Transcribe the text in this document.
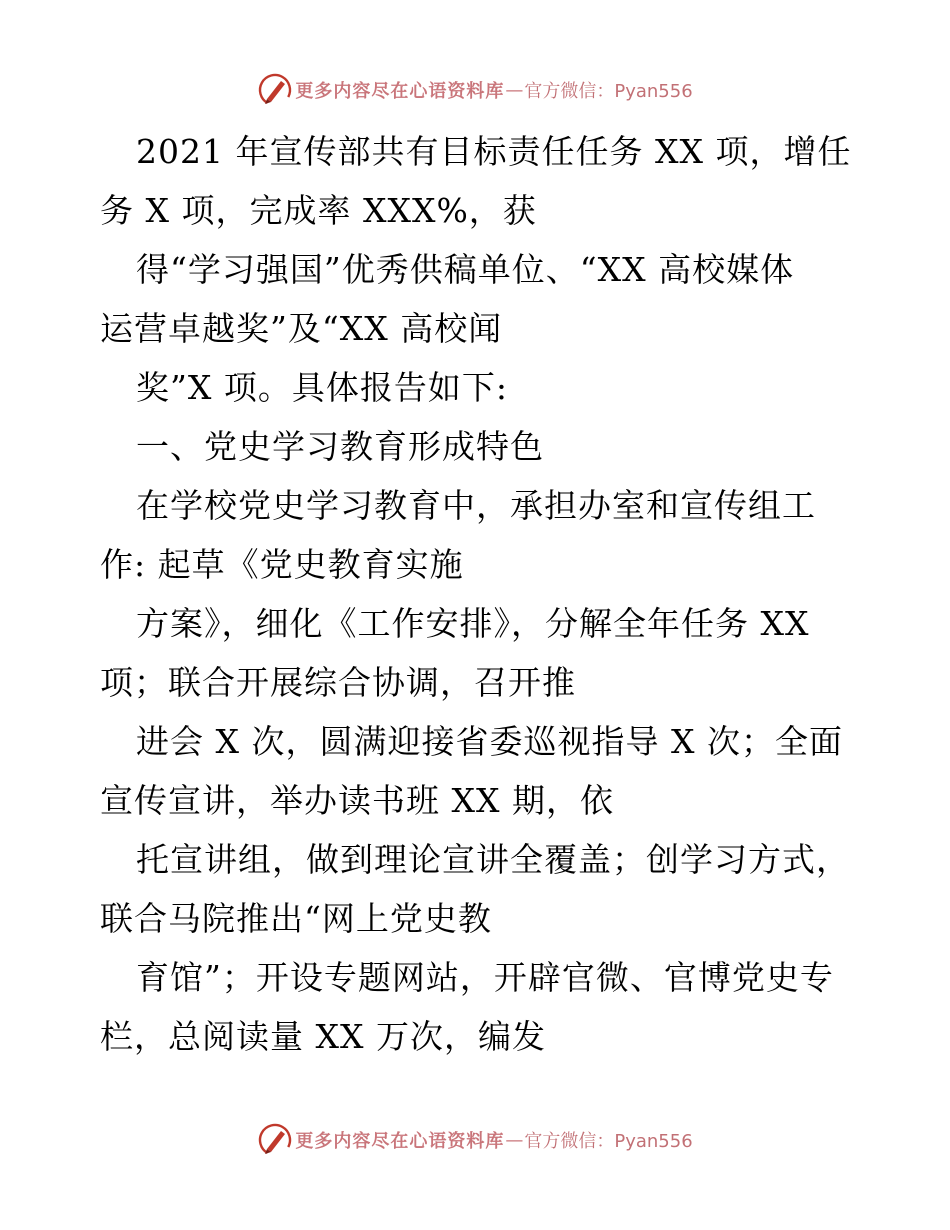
更多内容尽在心语资料库 — 官方微信：Pyan556
2021 年宣传部共有目标责任任务 XX 项，增任
务 X 项，完成率 XXX%，获
得“学习强国”优秀供稿单位、“XX 高校媒体
运营卓越奖”及“XX 高校闻
奖”X 项。具体报告如下:
一、党史学习教育形成特色
在学校党史学习教育中，承担办室和宣传组工
作: 起草《党史教育实施
方案》，细化《工作安排》，分解全年任务 XX
项；联合开展综合协调，召开推
进会 X 次，圆满迎接省委巡视指导 X 次；全面
宣传宣讲，举办读书班 XX 期，依
托宣讲组，做到理论宣讲全覆盖；创学习方式，
联合马院推出“网上党史教
育馆”；开设专题网站，开辟官微、官博党史专
栏，总阅读量 XX 万次，编发
更多内容尽在心语资料库 — 官方微信：Pyan556
